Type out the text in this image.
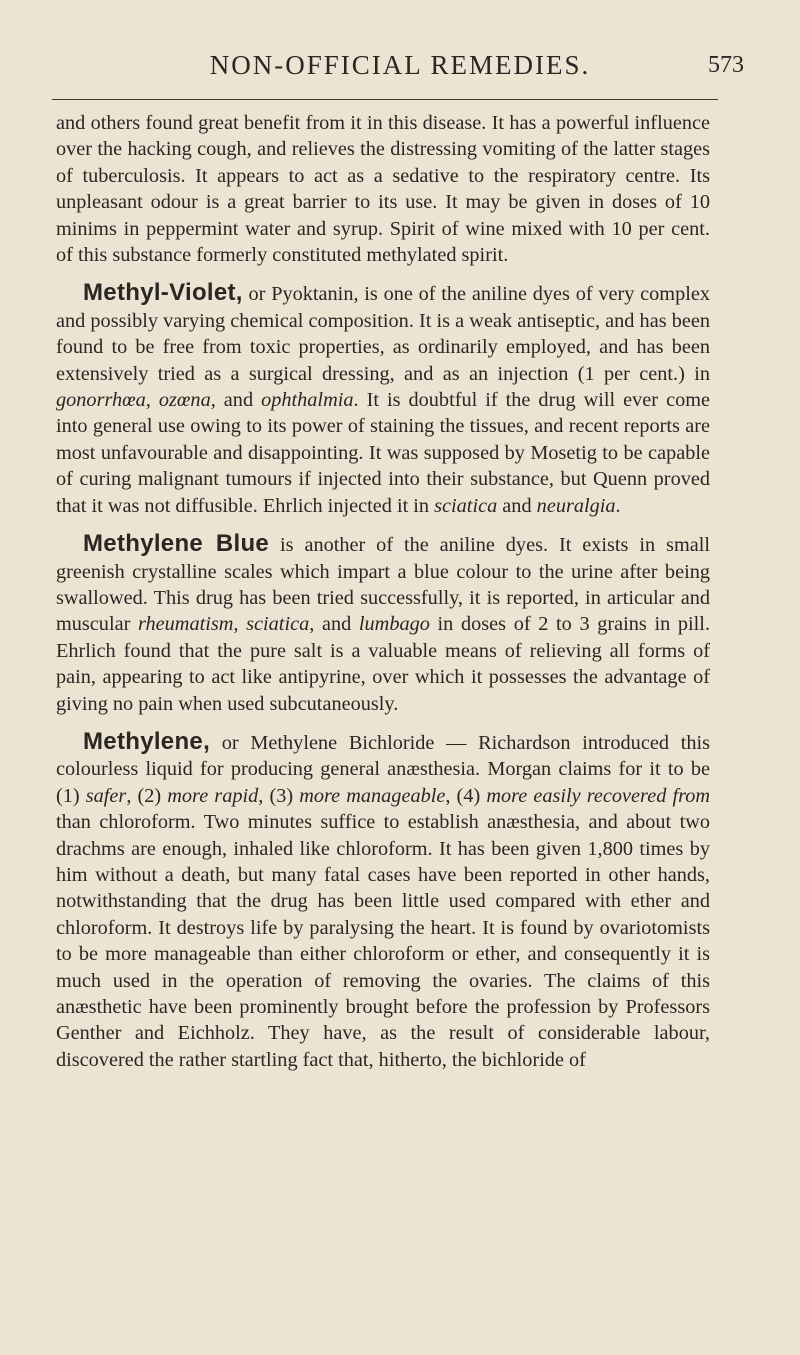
NON-OFFICIAL REMEDIES.	573

and others found great benefit from it in this disease. It has a powerful influence over the hacking cough, and relieves the distressing vomiting of the latter stages of tuberculosis. It appears to act as a sedative to the respiratory centre. Its unpleasant odour is a great barrier to its use. It may be given in doses of 10 minims in peppermint water and syrup. Spirit of wine mixed with 10 per cent. of this substance formerly constituted methylated spirit.

Methyl-Violet, or Pyoktanin, is one of the aniline dyes of very complex and possibly varying chemical composition. It is a weak antiseptic, and has been found to be free from toxic properties, as ordinarily employed, and has been extensively tried as a surgical dressing, and as an injection (1 per cent.) in gonorrhœa, ozœna, and ophthalmia. It is doubtful if the drug will ever come into general use owing to its power of staining the tissues, and recent reports are most unfavourable and disappointing. It was supposed by Mosetig to be capable of curing malignant tumours if injected into their substance, but Quenn proved that it was not diffusible. Ehrlich injected it in sciatica and neuralgia.

Methylene Blue is another of the aniline dyes. It exists in small greenish crystalline scales which impart a blue colour to the urine after being swallowed. This drug has been tried successfully, it is reported, in articular and muscular rheumatism, sciatica, and lumbago in doses of 2 to 3 grains in pill. Ehrlich found that the pure salt is a valuable means of relieving all forms of pain, appearing to act like antipyrine, over which it possesses the advantage of giving no pain when used subcutaneously.

Methylene, or Methylene Bichloride — Richardson introduced this colourless liquid for producing general anæsthesia. Morgan claims for it to be (1) safer, (2) more rapid, (3) more manageable, (4) more easily recovered from than chloroform. Two minutes suffice to establish anæsthesia, and about two drachms are enough, inhaled like chloroform. It has been given 1,800 times by him without a death, but many fatal cases have been reported in other hands, notwithstanding that the drug has been little used compared with ether and chloroform. It destroys life by paralysing the heart. It is found by ovariotomists to be more manageable than either chloroform or ether, and consequently it is much used in the operation of removing the ovaries. The claims of this anæsthetic have been prominently brought before the profession by Professors Genther and Eichholz. They have, as the result of considerable labour, discovered the rather startling fact that, hitherto, the bichloride of
